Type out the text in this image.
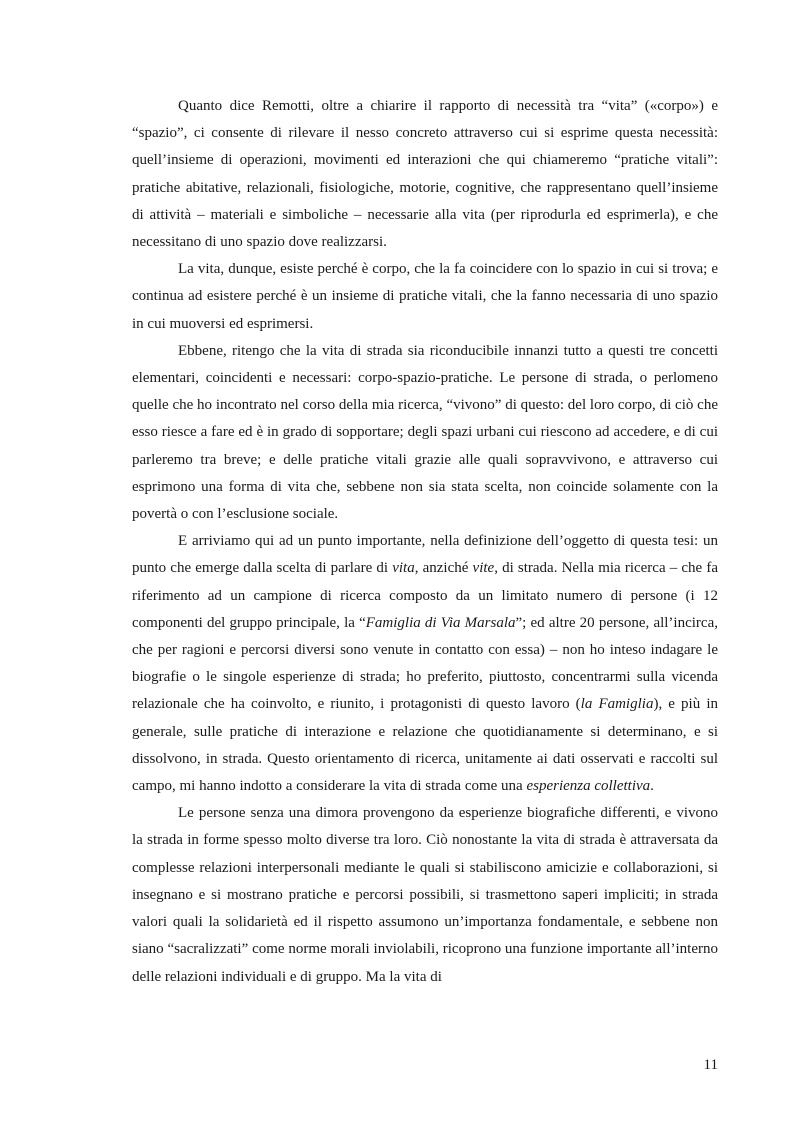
Quanto dice Remotti, oltre a chiarire il rapporto di necessità tra “vita” («corpo») e “spazio”, ci consente di rilevare il nesso concreto attraverso cui si esprime questa necessità: quell’insieme di operazioni, movimenti ed interazioni che qui chiameremo “pratiche vitali”: pratiche abitative, relazionali, fisiologiche, motorie, cognitive, che rappresentano quell’insieme di attività – materiali e simboliche – necessarie alla vita (per riprodurla ed esprimerla), e che necessitano di uno spazio dove realizzarsi.

La vita, dunque, esiste perché è corpo, che la fa coincidere con lo spazio in cui si trova; e continua ad esistere perché è un insieme di pratiche vitali, che la fanno necessaria di uno spazio in cui muoversi ed esprimersi.

Ebbene, ritengo che la vita di strada sia riconducibile innanzi tutto a questi tre concetti elementari, coincidenti e necessari: corpo-spazio-pratiche. Le persone di strada, o perlomeno quelle che ho incontrato nel corso della mia ricerca, “vivono” di questo: del loro corpo, di ciò che esso riesce a fare ed è in grado di sopportare; degli spazi urbani cui riescono ad accedere, e di cui parleremo tra breve; e delle pratiche vitali grazie alle quali sopravvivono, e attraverso cui esprimono una forma di vita che, sebbene non sia stata scelta, non coincide solamente con la povertà o con l’esclusione sociale.

E arriviamo qui ad un punto importante, nella definizione dell’oggetto di questa tesi: un punto che emerge dalla scelta di parlare di vita, anziché vite, di strada. Nella mia ricerca – che fa riferimento ad un campione di ricerca composto da un limitato numero di persone (i 12 componenti del gruppo principale, la “Famiglia di Via Marsala”; ed altre 20 persone, all’incirca, che per ragioni e percorsi diversi sono venute in contatto con essa) – non ho inteso indagare le biografie o le singole esperienze di strada; ho preferito, piuttosto, concentrarmi sulla vicenda relazionale che ha coinvolto, e riunito, i protagonisti di questo lavoro (la Famiglia), e più in generale, sulle pratiche di interazione e relazione che quotidianamente si determinano, e si dissolvono, in strada. Questo orientamento di ricerca, unitamente ai dati osservati e raccolti sul campo, mi hanno indotto a considerare la vita di strada come una esperienza collettiva.

Le persone senza una dimora provengono da esperienze biografiche differenti, e vivono la strada in forme spesso molto diverse tra loro. Ciò nonostante la vita di strada è attraversata da complesse relazioni interpersonali mediante le quali si stabiliscono amicizie e collaborazioni, si insegnano e si mostrano pratiche e percorsi possibili, si trasmettono saperi impliciti; in strada valori quali la solidarietà ed il rispetto assumono un’importanza fondamentale, e sebbene non siano “sacralizzati” come norme morali inviolabili, ricoprono una funzione importante all’interno delle relazioni individuali e di gruppo. Ma la vita di

11
